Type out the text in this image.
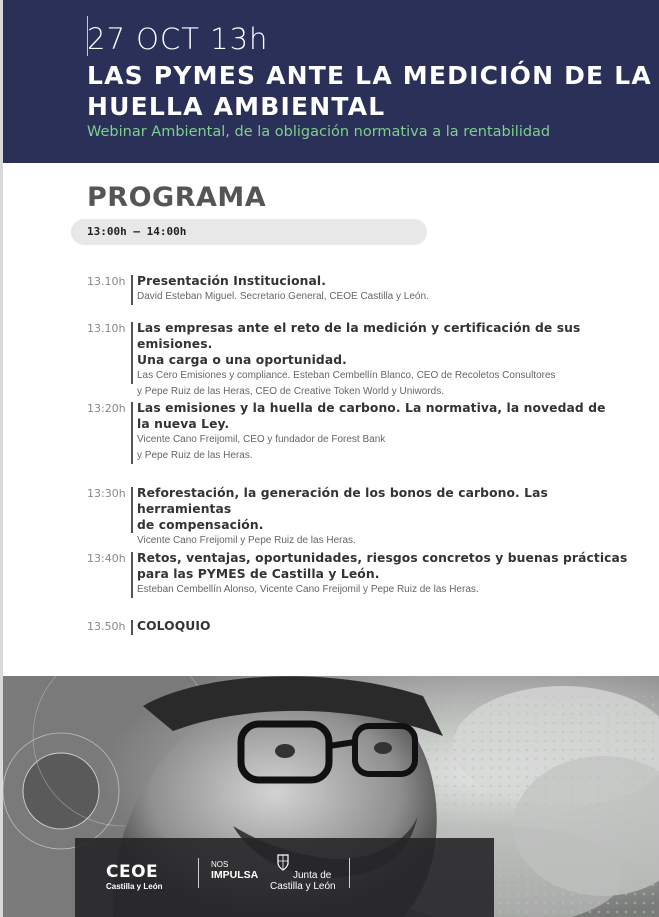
27 OCT 13h
LAS PYMES ANTE LA MEDICIÓN DE LA HUELLA AMBIENTAL
Webinar Ambiental, de la obligación normativa a la rentabilidad
PROGRAMA
13:00h – 14:00h
13.10h Presentación Institucional.
David Esteban Miguel. Secretario General, CEOE Castilla y León.
13.10h Las empresas ante el reto de la medición y certificación de sus emisiones.
Una carga o una oportunidad.
Las Cero Emisiones y compliance. Esteban Cembellín Blanco, CEO de Recoletos Consultores
y Pepe Ruiz de las Heras, CEO de Creative Token World y Uniwords.
13:20h Las emisiones y la huella de carbono. La normativa, la novedad de
la nueva Ley.
Vicente Cano Freijomil, CEO y fundador de Forest Bank
y Pepe Ruiz de las Heras.
13:30h Reforestación, la generación de los bonos de carbono. Las herramientas
de compensación.
Vicente Cano Freijomil y Pepe Ruiz de las Heras.
13:40h Retos, ventajas, oportunidades, riesgos concretos y buenas prácticas
para las PYMES de Castilla y León.
Esteban Cembellín Alonso, Vicente Cano Freijomil y Pepe Ruiz de las Heras.
13.50h COLOQUIO
CEOE
Castilla y León
NOS
IMPULSA	Junta de
Castilla y León
